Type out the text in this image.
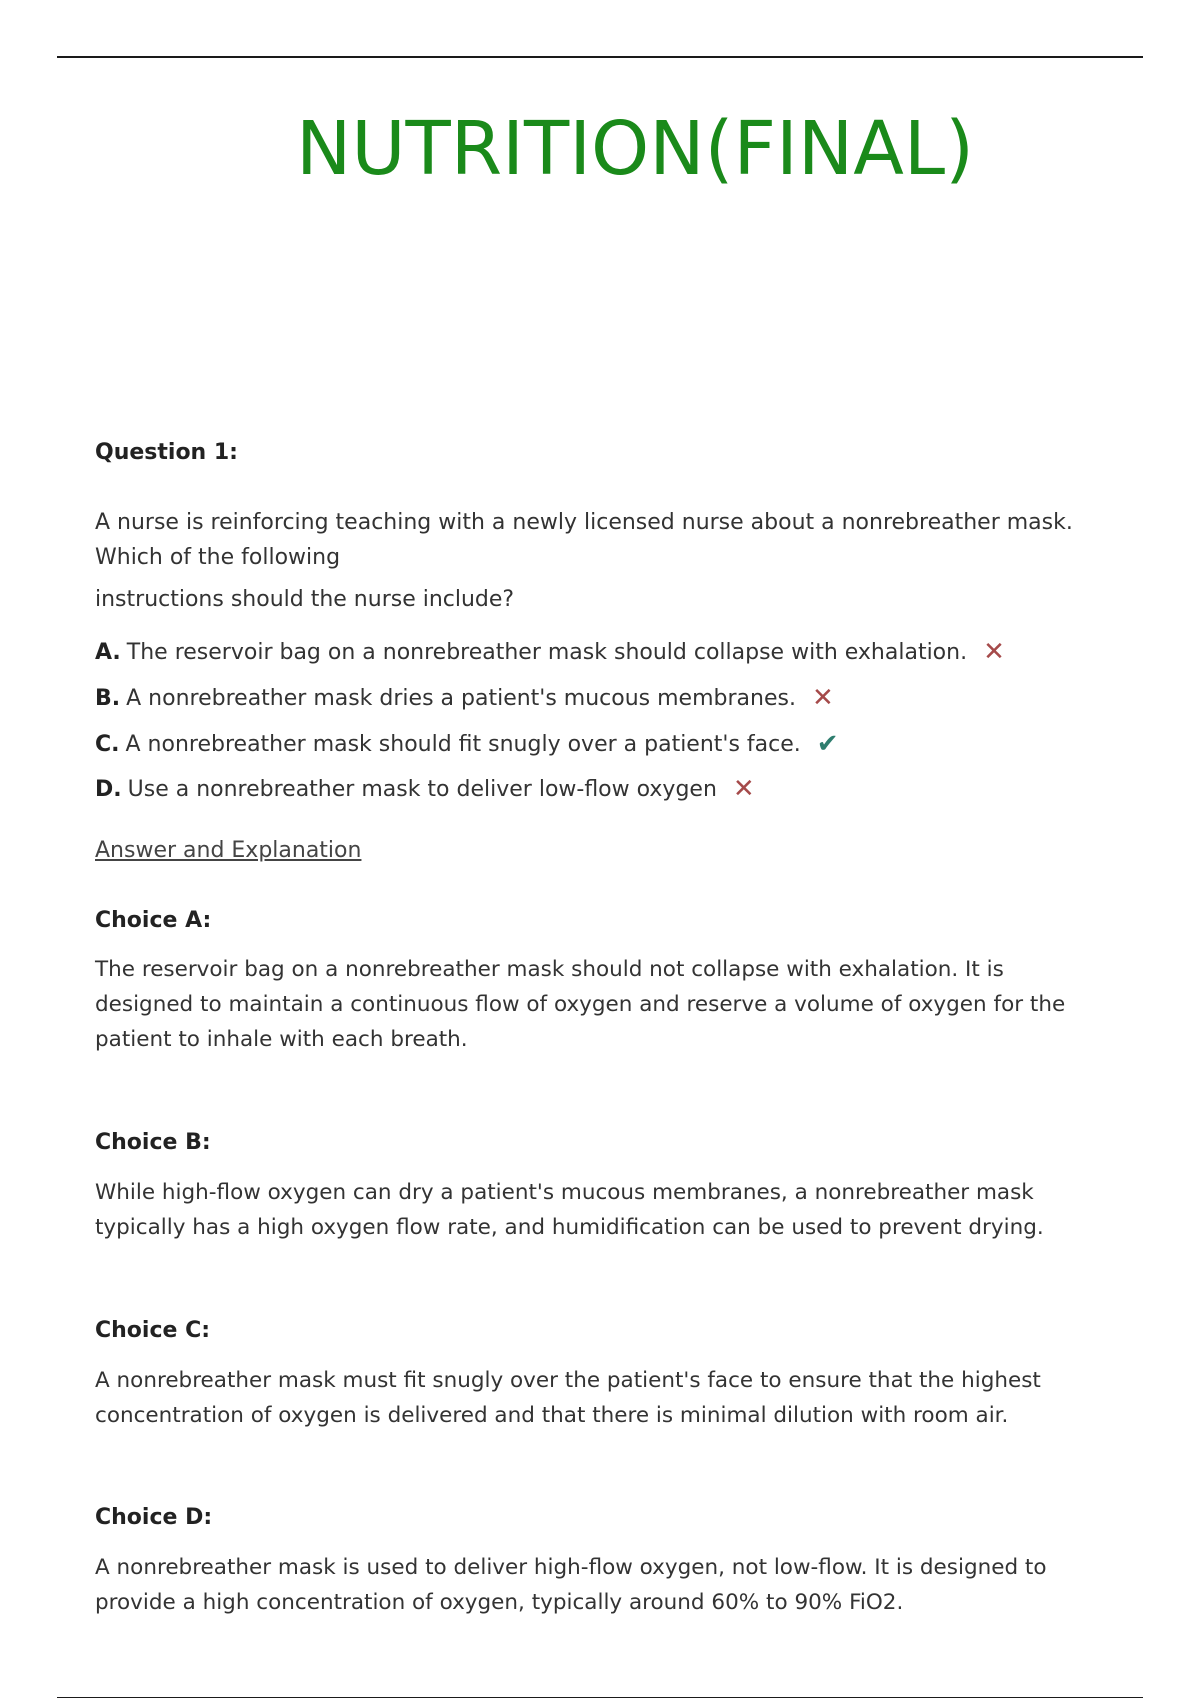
NUTRITION(FINAL)
Question 1:
A nurse is reinforcing teaching with a newly licensed nurse about a nonrebreather mask. Which of the following
instructions should the nurse include?
A. The reservoir bag on a nonrebreather mask should collapse with exhalation. ✕
B. A nonrebreather mask dries a patient's mucous membranes. ✕
C. A nonrebreather mask should fit snugly over a patient's face. ✔
D. Use a nonrebreather mask to deliver low-flow oxygen ✕
Answer and Explanation
Choice A:
The reservoir bag on a nonrebreather mask should not collapse with exhalation. It is designed to maintain a continuous flow of oxygen and reserve a volume of oxygen for the patient to inhale with each breath.
Choice B:
While high-flow oxygen can dry a patient's mucous membranes, a nonrebreather mask typically has a high oxygen flow rate, and humidification can be used to prevent drying.
Choice C:
A nonrebreather mask must fit snugly over the patient's face to ensure that the highest concentration of oxygen is delivered and that there is minimal dilution with room air.
Choice D:
A nonrebreather mask is used to deliver high-flow oxygen, not low-flow. It is designed to provide a high concentration of oxygen, typically around 60% to 90% FiO2.
